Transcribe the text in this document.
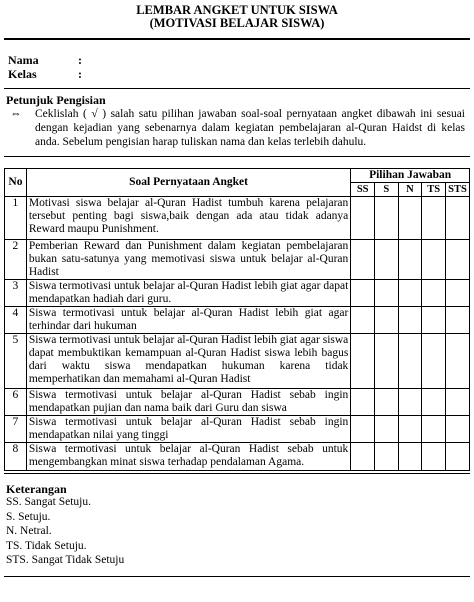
LEMBAR ANGKET UNTUK SISWA
(MOTIVASI BELAJAR SISWA)
Nama	:
Kelas	:
Petunjuk Pengisian
⇔ Ceklislah ( √ ) salah satu pilihan jawaban soal-soal pernyataan angket dibawah ini sesuai dengan kejadian yang sebenarnya dalam kegiatan pembelajaran al-Quran Haidst di kelas anda. Sebelum pengisian harap tuliskan nama dan kelas terlebih dahulu.
No	Soal Pernyataan Angket	Pilihan Jawaban				
		SS	S	N	TS	STS
1	Motivasi siswa belajar al-Quran Hadist tumbuh karena pelajaran tersebut penting bagi siswa,baik dengan ada atau tidak adanya Reward maupu Punishment.					
2	Pemberian Reward dan Punishment dalam kegiatan pembelajaran bukan satu-satunya yang memotivasi siswa untuk belajar al-Quran Hadist					
3	Siswa termotivasi untuk belajar al-Quran Hadist lebih giat agar dapat mendapatkan hadiah dari guru.					
4	Siswa termotivasi untuk belajar al-Quran Hadist lebih giat agar terhindar dari hukuman					
5	Siswa termotivasi untuk belajar al-Quran Hadist lebih giat agar siswa dapat membuktikan kemampuan al-Quran Hadist siswa lebih bagus dari waktu siswa mendapatkan hukuman karena tidak memperhatikan dan memahami al-Quran Hadist					
6	Siswa termotivasi untuk belajar al-Quran Hadist sebab ingin mendapatkan pujian dan nama baik dari Guru dan siswa					
7	Siswa termotivasi untuk belajar al-Quran Hadist sebab ingin mendapatkan nilai yang tinggi					
8	Siswa termotivasi untuk belajar al-Quran Hadist sebab untuk mengembangkan minat siswa terhadap pendalaman Agama.					
Keterangan
SS. Sangat Setuju.
S. Setuju.
N. Netral.
TS. Tidak Setuju.
STS. Sangat Tidak Setuju
